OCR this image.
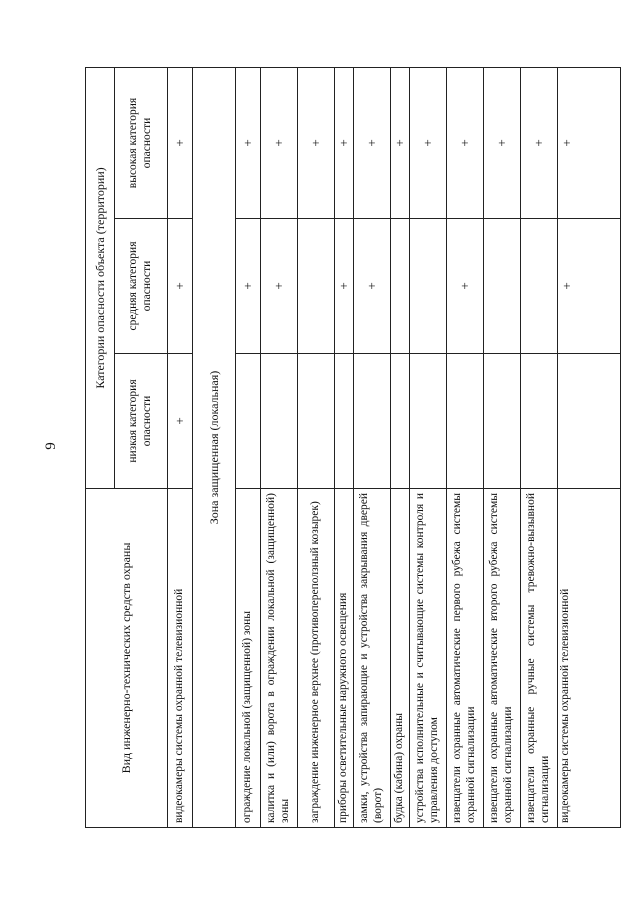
9
Вид инженерно-технических средств охраны	Категории опасности объекта (территории)		
	низкая категория опасности	средняя категория опасности	высокая категория опасности
видеокамеры системы охранной телевизионной	+	+	+
Зона защищенная (локальная)			
ограждение локальной (защищенной) зоны		+	+
калитка и (или) ворота в ограждении локальной (защищенной) зоны		+	+
заграждение инженерное верхнее (противопереползный козырек)			+
приборы осветительные наружного освещения		+	+
замки, устройства запирающие и устройства закрывания дверей (ворот)		+	+
будка (кабина) охраны			+
устройства исполнительные и считывающие системы контроля и управления доступом			+
извещатели охранные автоматические первого рубежа системы охранной сигнализации		+	+
извещатели охранные автоматические второго рубежа системы охранной сигнализации			+
извещатели охранные ручные системы тревожно-вызывной сигнализации			+
видеокамеры системы охранной телевизионной		+	+
